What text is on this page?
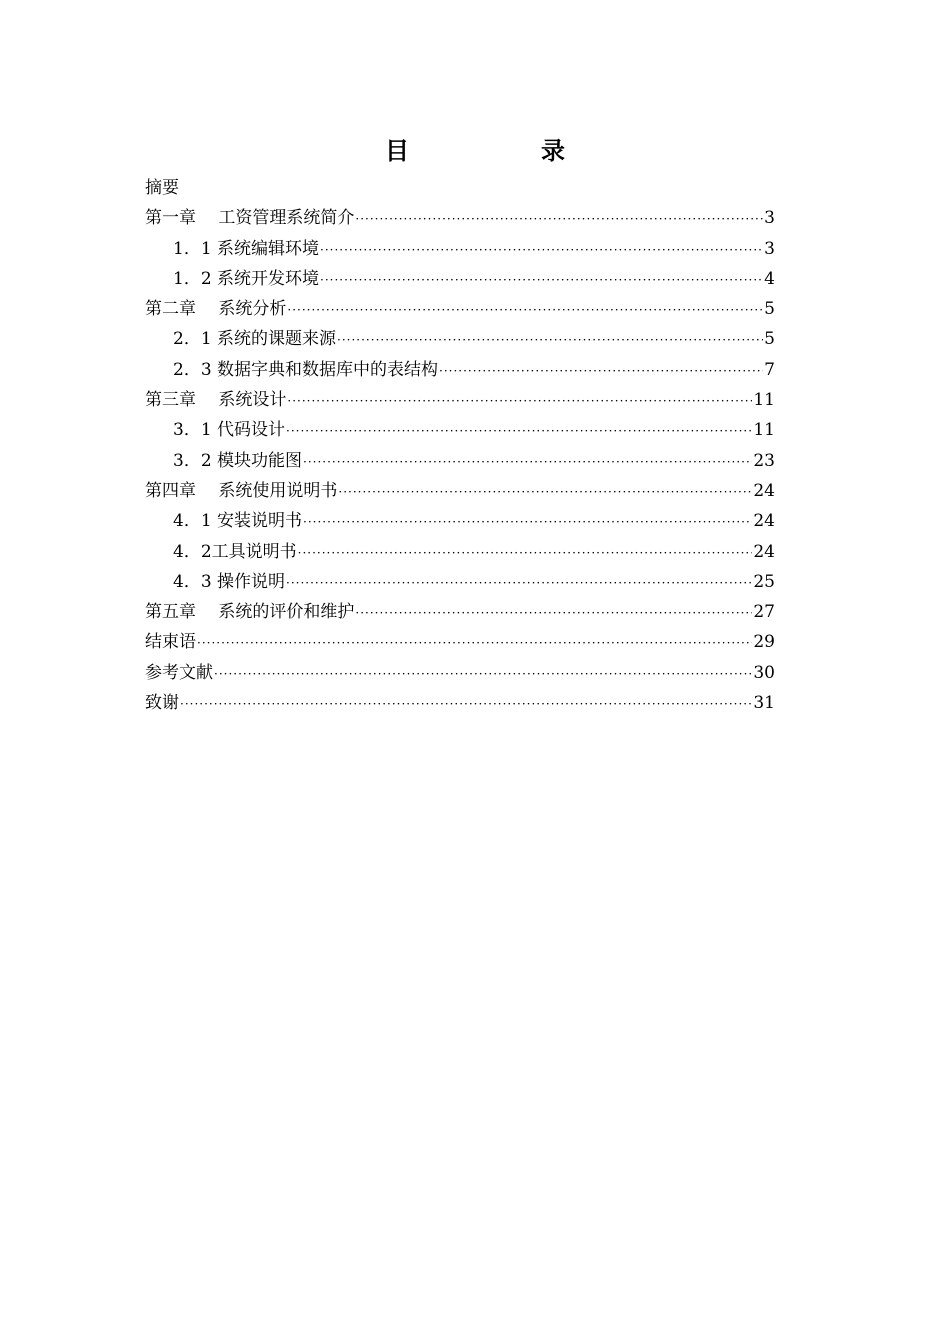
目　　录
摘要
第一章　 工资管理系统简介 ·····	3
1．1 系统编辑环境 ·····	3
1．2 系统开发环境 ·····	4
第二章　 系统分析 ·····	5
2．1 系统的课题来源 ·····	5
2．3 数据字典和数据库中的表结构 ·····	7
第三章　 系统设计 ·····	11
3．1 代码设计 ·····	11
3．2 模块功能图 ·····	23
第四章　 系统使用说明书 ·····	24
4．1 安装说明书 ·····	24
4．2工具说明书 ·····	24
4．3 操作说明 ·····	25
第五章　 系统的评价和维护 ·····	27
结束语 ·····	29
参考文献 ·····	30
致谢 ·····	31
